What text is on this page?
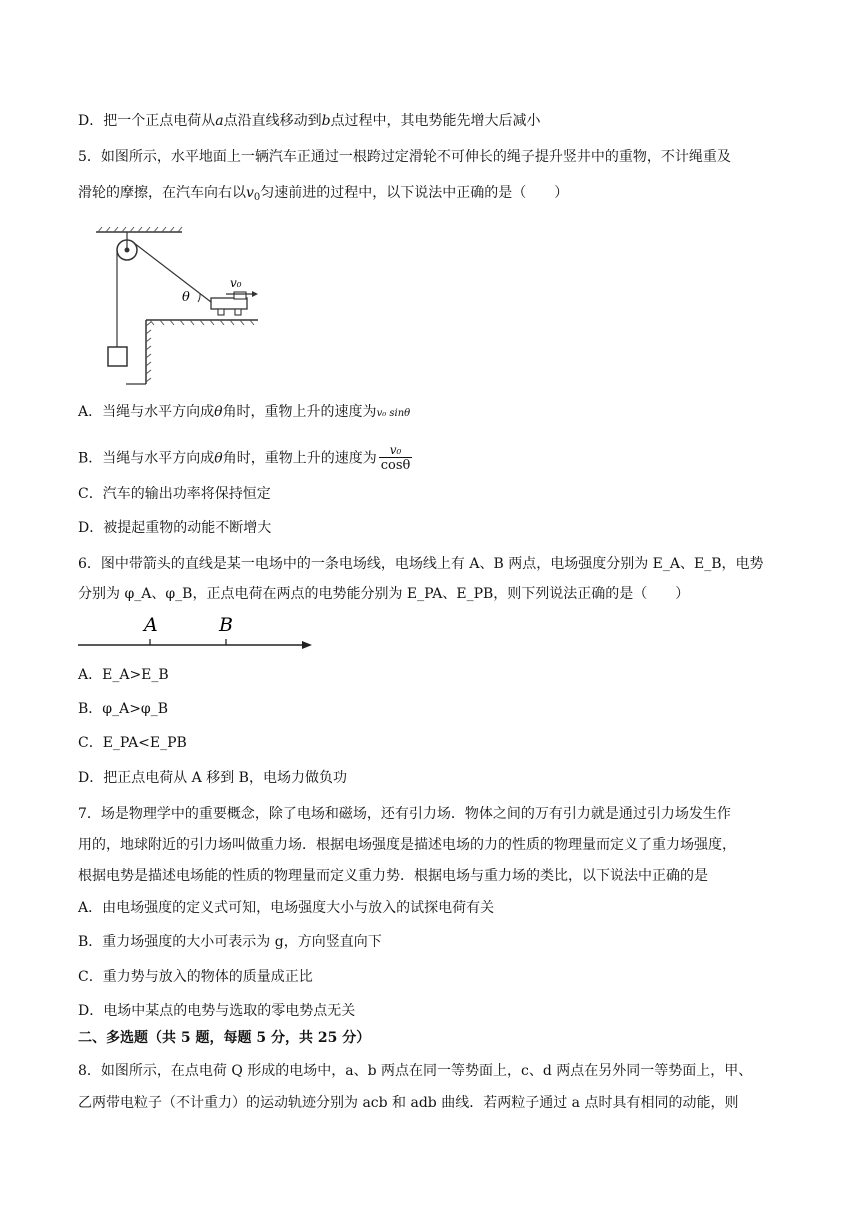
D．把一个正点电荷从a点沿直线移动到b点过程中，其电势能先增大后减小
5．如图所示，水平地面上一辆汽车正通过一根跨过定滑轮不可伸长的绳子提升竖井中的重物，不计绳重及
滑轮的摩擦，在汽车向右以$v_0$匀速前进的过程中，以下说法中正确的是（　　）
θ
v₀
A．当绳与水平方向成θ角时，重物上升的速度为v₀ sinθ
B．当绳与水平方向成θ角时，重物上升的速度为 $\frac{\text{v₀}}{\cos\theta}$
C．汽车的输出功率将保持恒定
D．被提起重物的动能不断增大
6．图中带箭头的直线是某一电场中的一条电场线，电场线上有 A、B 两点，电场强度分别为 E_A、E_B，电势
分别为 φ_A、φ_B，正点电荷在两点的电势能分别为 E_PA、E_PB，则下列说法正确的是（　　）
A	B
A．E_A>E_B
B．φ_A>φ_B
C．E_PA<E_PB
D．把正点电荷从 A 移到 B，电场力做负功
7．场是物理学中的重要概念，除了电场和磁场，还有引力场．物体之间的万有引力就是通过引力场发生作
用的，地球附近的引力场叫做重力场．根据电场强度是描述电场的力的性质的物理量而定义了重力场强度，
根据电势是描述电场能的性质的物理量而定义重力势．根据电场与重力场的类比，以下说法中正确的是
A．由电场强度的定义式可知，电场强度大小与放入的试探电荷有关
B．重力场强度的大小可表示为 g，方向竖直向下
C．重力势与放入的物体的质量成正比
D．电场中某点的电势与选取的零电势点无关
二、多选题（共 5 题，每题 5 分，共 25 分）
8．如图所示，在点电荷 Q 形成的电场中，a、b 两点在同一等势面上，c、d 两点在另外同一等势面上，甲、
乙两带电粒子（不计重力）的运动轨迹分别为 acb 和 adb 曲线．若两粒子通过 a 点时具有相同的动能，则
